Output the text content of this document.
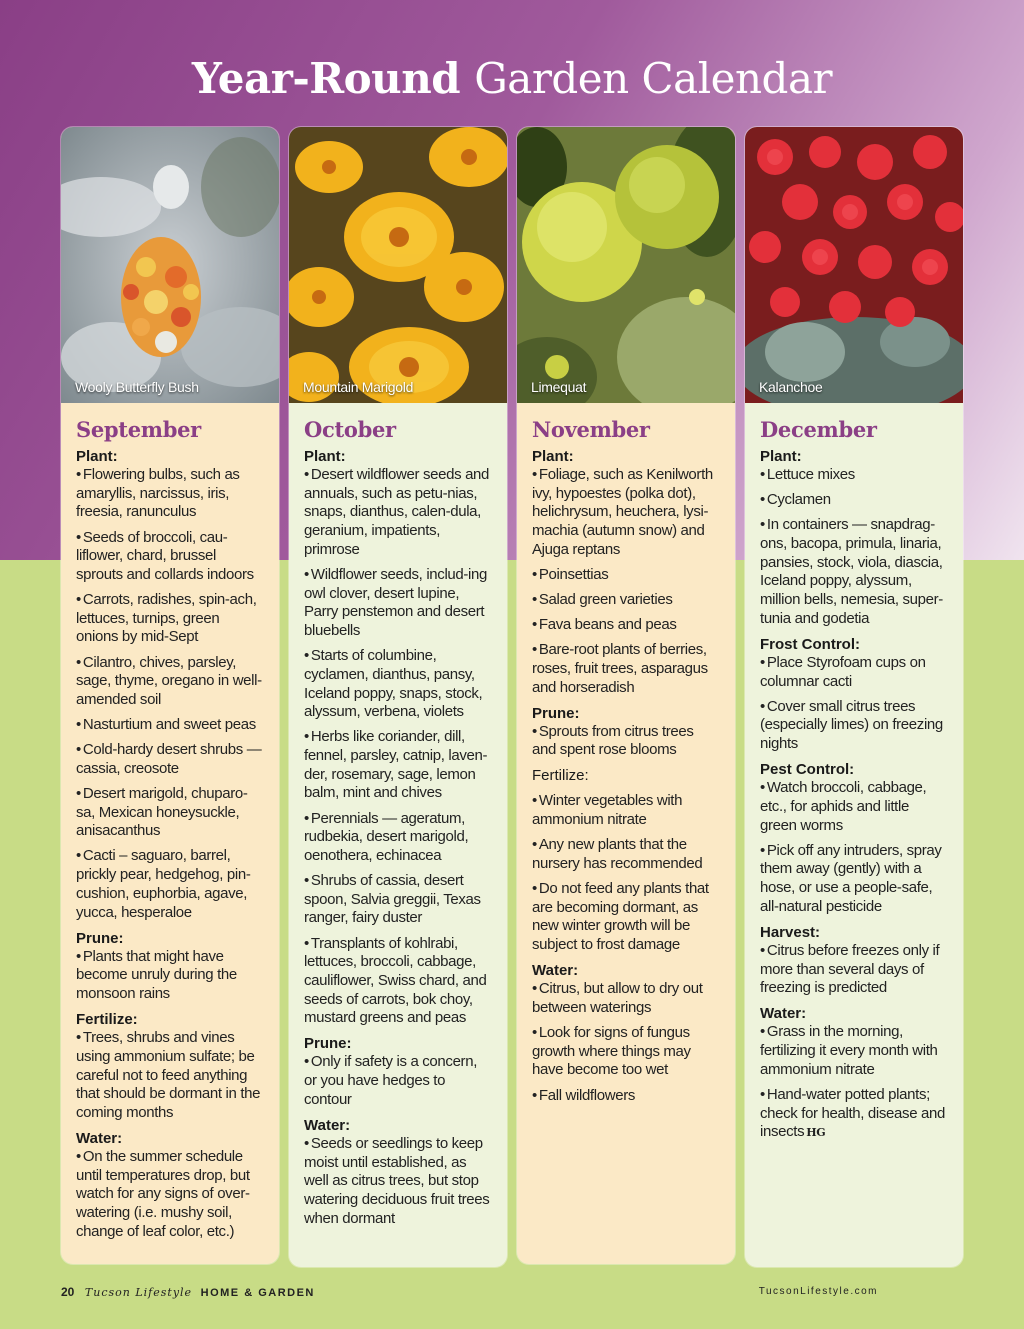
Year-Round Garden Calendar
Wooly Butterfly Bush
September
Plant:
• Flowering bulbs, such as amaryllis, narcissus, iris, freesia, ranunculus
• Seeds of broccoli, cau-liflower, chard, brussel sprouts and collards indoors
• Carrots, radishes, spin-ach, lettuces, turnips, green onions by mid-Sept
• Cilantro, chives, parsley, sage, thyme, oregano in well-amended soil
• Nasturtium and sweet peas
• Cold-hardy desert shrubs — cassia, creosote
• Desert marigold, chuparo-sa, Mexican honeysuckle, anisacanthus
• Cacti – saguaro, barrel, prickly pear, hedgehog, pin-cushion, euphorbia, agave, yucca, hesperaloe
Prune:
• Plants that might have become unruly during the monsoon rains
Fertilize:
• Trees, shrubs and vines using ammonium sulfate; be careful not to feed anything that should be dormant in the coming months
Water:
• On the summer schedule until temperatures drop, but watch for any signs of over-watering (i.e. mushy soil, change of leaf color, etc.)
Mountain Marigold
October
Plant:
• Desert wildflower seeds and annuals, such as petu-nias, snaps, dianthus, calen-dula, geranium, impatients, primrose
• Wildflower seeds, includ-ing owl clover, desert lupine, Parry penstemon and desert bluebells
• Starts of columbine, cyclamen, dianthus, pansy, Iceland poppy, snaps, stock, alyssum, verbena, violets
• Herbs like coriander, dill, fennel, parsley, catnip, laven-der, rosemary, sage, lemon balm, mint and chives
• Perennials — ageratum, rudbekia, desert marigold, oenothera, echinacea
• Shrubs of cassia, desert spoon, Salvia greggii, Texas ranger, fairy duster
• Transplants of kohlrabi, lettuces, broccoli, cabbage, cauliflower, Swiss chard, and seeds of carrots, bok choy, mustard greens and peas
Prune:
• Only if safety is a concern, or you have hedges to contour
Water:
• Seeds or seedlings to keep moist until established, as well as citrus trees, but stop watering deciduous fruit trees when dormant
Limequat
November
Plant:
• Foliage, such as Kenilworth ivy, hypoestes (polka dot), helichrysum, heuchera, lysi-machia (autumn snow) and Ajuga reptans
• Poinsettias
• Salad green varieties
• Fava beans and peas
• Bare-root plants of berries, roses, fruit trees, asparagus and horseradish
Prune:
• Sprouts from citrus trees and spent rose blooms
Fertilize:
• Winter vegetables with ammonium nitrate
• Any new plants that the nursery has recommended
• Do not feed any plants that are becoming dormant, as new winter growth will be subject to frost damage
Water:
• Citrus, but allow to dry out between waterings
• Look for signs of fungus growth where things may have become too wet
• Fall wildflowers
Kalanchoe
December
Plant:
• Lettuce mixes
• Cyclamen
• In containers — snapdrag-ons, bacopa, primula, linaria, pansies, stock, viola, diascia, Iceland poppy, alyssum, million bells, nemesia, super-tunia and godetia
Frost Control:
• Place Styrofoam cups on columnar cacti
• Cover small citrus trees (especially limes) on freezing nights
Pest Control:
• Watch broccoli, cabbage, etc., for aphids and little green worms
• Pick off any intruders, spray them away (gently) with a hose, or use a people-safe, all-natural pesticide
Harvest:
• Citrus before freezes only if more than several days of freezing is predicted
Water:
• Grass in the morning, fertilizing it every month with ammonium nitrate
• Hand-water potted plants; check for health, disease and insects HG
20 Tucson Lifestyle HOME & GARDEN	TucsonLifestyle.com
